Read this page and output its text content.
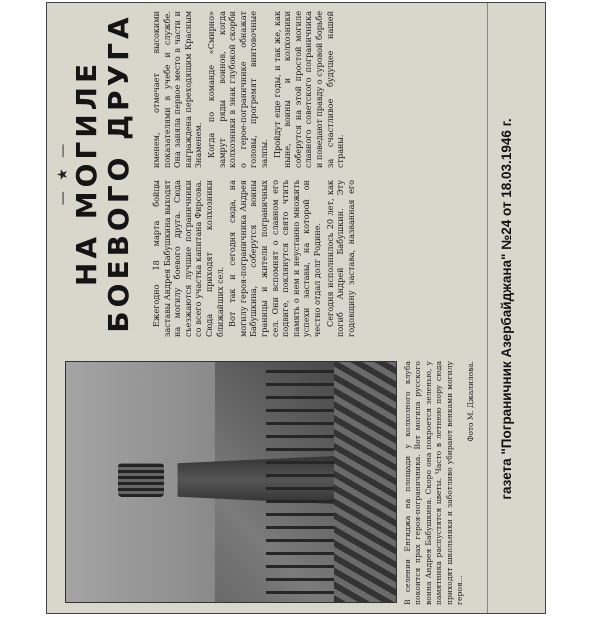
В селении Енгиджа на площади у колхозного клуба покоится прах героя-пограничника. Вот могила русского воина Андрея Бабушкина. Скоро она покроется зеленью, у памятника распустятся цветы. Часто в летнюю пору сюда приходят школьники и заботливо убирают венками могилу героя...
Фото М. Джалилова.
— ★ — НА МОГИЛЕ БОЕВОГО ДРУГА Ежегодно 18 марта бойцы заставы Андрея Бабушкина выходят на могилу боевого друга. Сюда съезжаются лучшие пограничники со всего участка капитана Фирсова. Сюда приходят колхозники ближайших сел. Вот так и сегодня сюда, на могилу героя-пограничника Андрея Бабушкина, соберутся воины границы и жители пограничных сел. Они вспомнят о славном его подвиге, поклянутся свято чтить память о нем и неустанно множить успехи заставы, на которой он честно отдал долг Родине. Сегодня исполнилось 20 лет, как погиб Андрей Бабушкин. Эту годовщину застава, названная его именем, отмечает высокими показателями в учебе и службе. Она заняла первое место в части и награждена переходящим Красным Знаменем. Когда по команде «Смирно» замрут ряды воинов, когда колхозники в знак глубокой скорби о герое-пограничнике обнажат головы, прогремят винтовочные залпы. Пройдут еще годы, и так же, как ныне, воины и колхозники соберутся на этой простой могиле славного советского пограничника и поведают правду о суровой борьбе за счастливое будущее нашей страны.	газета "Пограничник Азербайджана" №24 от 18.03.1946 г.
